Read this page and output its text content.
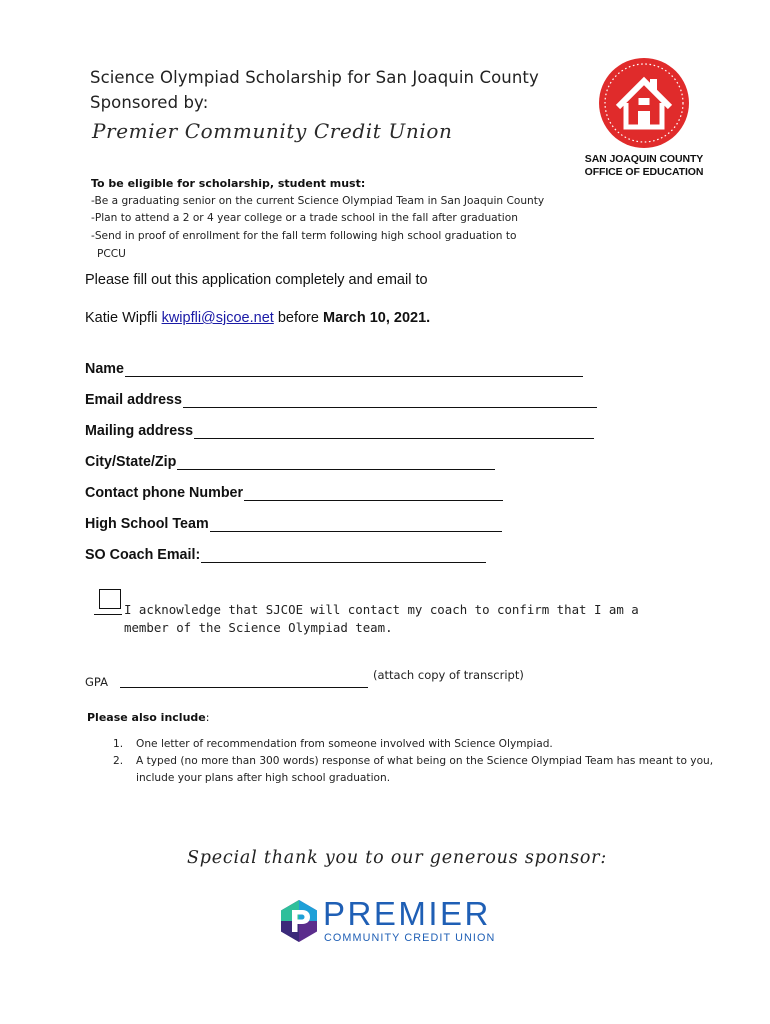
Science Olympiad Scholarship for San Joaquin County
Sponsored by:
Premier Community Credit Union
SAN JOAQUIN COUNTY
OFFICE OF EDUCATION
To be eligible for scholarship, student must:
-Be a graduating senior on the current Science Olympiad Team in San Joaquin County
-Plan to attend a 2 or 4 year college or a trade school in the fall after graduation
-Send in proof of enrollment for the fall term following high school graduation to
PCCU
Please fill out this application completely and email to
Katie Wipfli kwipfli@sjcoe.net before March 10, 2021.
Name
Email address
Mailing address
City/State/Zip
Contact phone Number
High School Team
SO Coach Email:
I acknowledge that SJCOE will contact my coach to confirm that I am a member of the Science Olympiad team.
GPA	(attach copy of transcript)
Please also include:
1. One letter of recommendation from someone involved with Science Olympiad.
2. A typed (no more than 300 words) response of what being on the Science Olympiad Team has meant to you, include your plans after high school graduation.
Special thank you to our generous sponsor:
PREMIER
COMMUNITY CREDIT UNION
